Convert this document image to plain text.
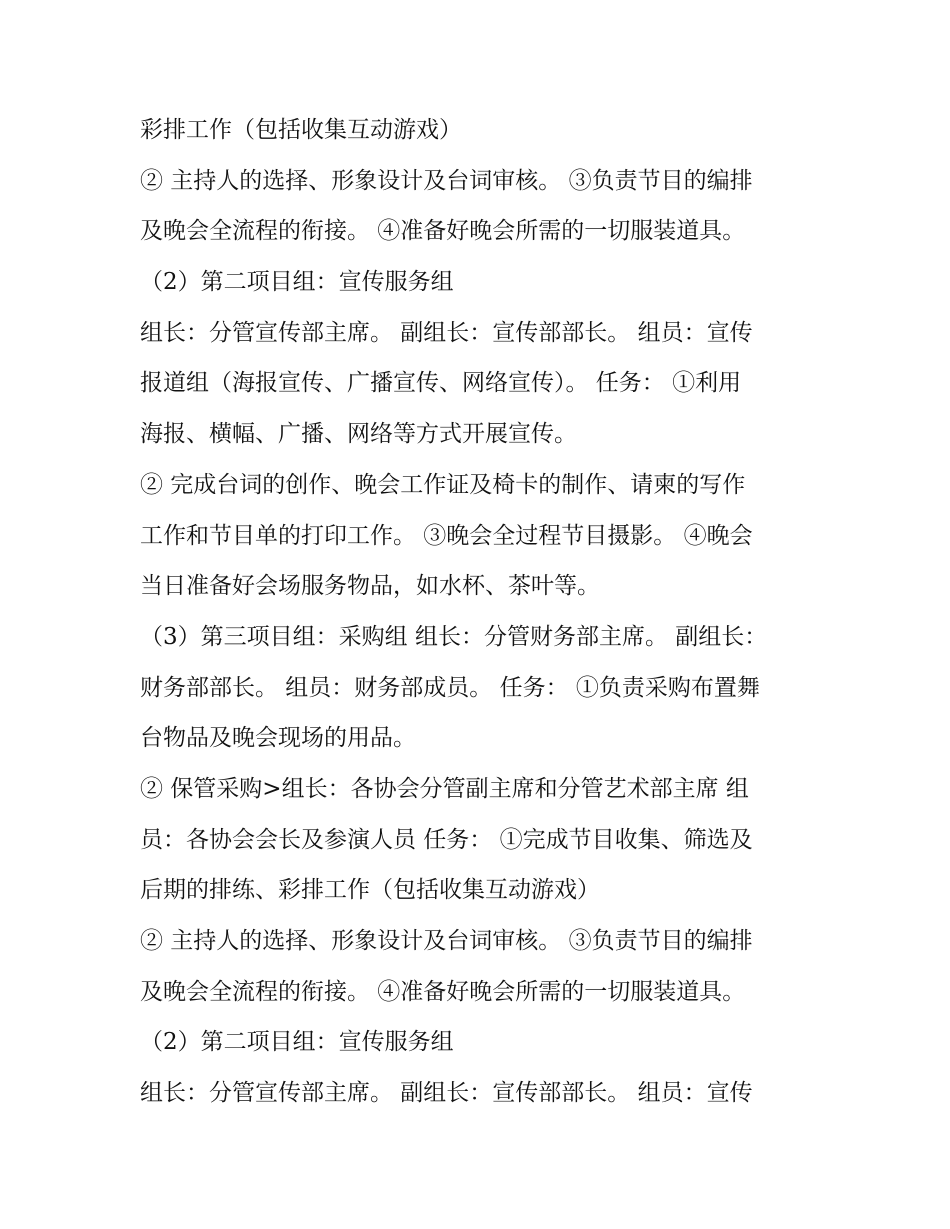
彩排工作（包括收集互动游戏）
② 主持人的选择、形象设计及台词审核。 ③负责节目的编排
及晚会全流程的衔接。 ④准备好晚会所需的一切服装道具。
（2）第二项目组：宣传服务组
组长：分管宣传部主席。 副组长：宣传部部长。 组员：宣传
报道组（海报宣传、广播宣传、网络宣传）。 任务： ①利用
海报、横幅、广播、网络等方式开展宣传。
② 完成台词的创作、晚会工作证及椅卡的制作、请柬的写作
工作和节目单的打印工作。 ③晚会全过程节目摄影。 ④晚会
当日准备好会场服务物品，如水杯、茶叶等。
（3）第三项目组：采购组 组长：分管财务部主席。 副组长：
财务部部长。 组员：财务部成员。 任务： ①负责采购布置舞
台物品及晚会现场的用品。
② 保管采购>组长：各协会分管副主席和分管艺术部主席 组
员：各协会会长及参演人员 任务： ①完成节目收集、筛选及
后期的排练、彩排工作（包括收集互动游戏）
② 主持人的选择、形象设计及台词审核。 ③负责节目的编排
及晚会全流程的衔接。 ④准备好晚会所需的一切服装道具。
（2）第二项目组：宣传服务组
组长：分管宣传部主席。 副组长：宣传部部长。 组员：宣传
